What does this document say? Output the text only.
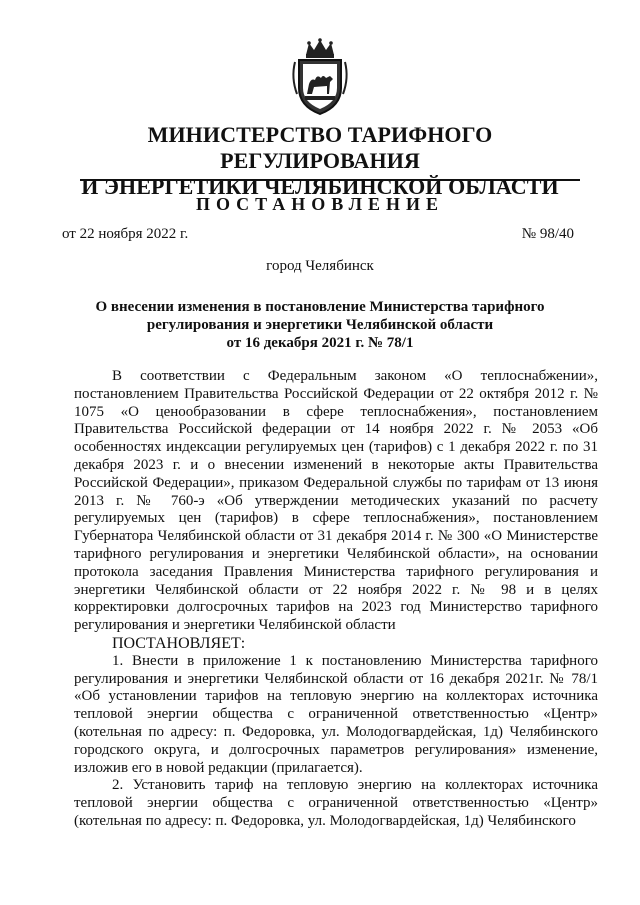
МИНИСТЕРСТВО ТАРИФНОГО РЕГУЛИРОВАНИЯ
И ЭНЕРГЕТИКИ ЧЕЛЯБИНСКОЙ ОБЛАСТИ
ПОСТАНОВЛЕНИЕ
от 22 ноября 2022 г.	№ 98/40
город Челябинск
О внесении изменения в постановление Министерства тарифного
регулирования и энергетики Челябинской области
от 16 декабря 2021 г. № 78/1

В соответствии с Федеральным законом «О теплоснабжении», постановлением Правительства Российской Федерации от 22 октября 2012 г. № 1075 «О ценообразовании в сфере теплоснабжения», постановлением Правительства Российской федерации от 14 ноября 2022 г. № 2053 «Об особенностях индексации регулируемых цен (тарифов) с 1 декабря 2022 г. по 31 декабря 2023 г. и о внесении изменений в некоторые акты Правительства Российской Федерации», приказом Федеральной службы по тарифам от 13 июня 2013 г. № 760-э «Об утверждении методических указаний по расчету регулируемых цен (тарифов) в сфере теплоснабжения», постановлением Губернатора Челябинской области от 31 декабря 2014 г. № 300 «О Министерстве тарифного регулирования и энергетики Челябинской области», на основании протокола заседания Правления Министерства тарифного регулирования и энергетики Челябинской области от 22 ноября 2022 г. № 98 и в целях корректировки долгосрочных тарифов на 2023 год Министерство тарифного регулирования и энергетики Челябинской области

ПОСТАНОВЛЯЕТ:

1. Внести в приложение 1 к постановлению Министерства тарифного регулирования и энергетики Челябинской области от 16 декабря 2021г. № 78/1 «Об установлении тарифов на тепловую энергию на коллекторах источника тепловой энергии общества с ограниченной ответственностью «Центр» (котельная по адресу: п. Федоровка, ул. Молодогвардейская, 1д) Челябинского городского округа, и долгосрочных параметров регулирования» изменение, изложив его в новой редакции (прилагается).

2. Установить тариф на тепловую энергию на коллекторах источника тепловой энергии общества с ограниченной ответственностью «Центр» (котельная по адресу: п. Федоровка, ул. Молодогвардейская, 1д) Челябинского
